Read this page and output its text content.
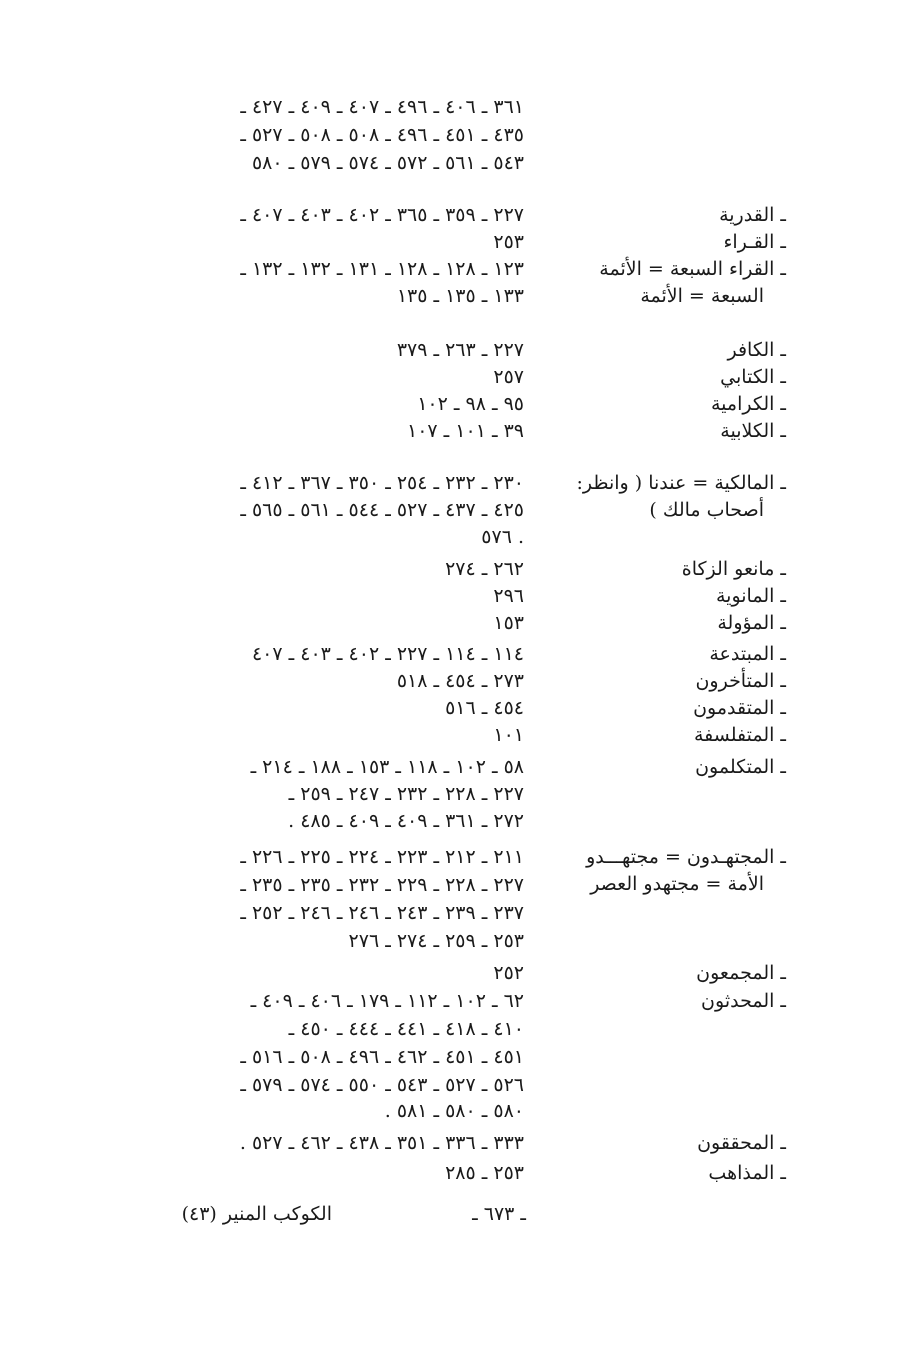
٣٦١ ـ ٤٠٦ ـ ٤٩٦ ـ ٤٠٧ ـ ٤٠٩ ـ ٤٢٧ ـ
٤٣٥ ـ ٤٥١ ـ ٤٩٦ ـ ٥٠٨ ـ ٥٠٨ ـ ٥٢٧ ـ
٥٤٣ ـ ٥٦١ ـ ٥٧٢ ـ ٥٧٤ ـ ٥٧٩ ـ ٥٨٠
ـ القدرية
٢٢٧ ـ ٣٥٩ ـ ٣٦٥ ـ ٤٠٢ ـ ٤٠٣ ـ ٤٠٧ ـ
ـ القـراء
٢٥٣
ـ القراء السبعة = الأئمة
السبعة = الأئمة
١٢٣ ـ ١٢٨ ـ ١٢٨ ـ ١٣١ ـ ١٣٢ ـ ١٣٢ ـ
١٣٣ ـ ١٣٥ ـ ١٣٥
ـ الكافر
٢٢٧ ـ ٢٦٣ ـ ٣٧٩
ـ الكتابي
٢٥٧
ـ الكرامية
٩٥ ـ ٩٨ ـ ١٠٢
ـ الكلابية
٣٩ ـ ١٠١ ـ ١٠٧
ـ المالكية = عندنا ( وانظر:
أصحاب مالك )
٢٣٠ ـ ٢٣٢ ـ ٢٥٤ ـ ٣٥٠ ـ ٣٦٧ ـ ٤١٢ ـ
٤٢٥ ـ ٤٣٧ ـ ٥٢٧ ـ ٥٤٤ ـ ٥٦١ ـ ٥٦٥ ـ
٥٧٦ .
ـ مانعو الزكاة
٢٦٢ ـ ٢٧٤
ـ المانوية
٢٩٦
ـ المؤولة
١٥٣
ـ المبتدعة
١١٤ ـ ١١٤ ـ ٢٢٧ ـ ٤٠٢ ـ ٤٠٣ ـ ٤٠٧
ـ المتأخرون
٢٧٣ ـ ٤٥٤ ـ ٥١٨
ـ المتقدمون
٤٥٤ ـ ٥١٦
ـ المتفلسفة
١٠١
ـ المتكلمون
٥٨ ـ ١٠٢ ـ ١١٨ ـ ١٥٣ ـ ١٨٨ ـ ٢١٤ ـ
٢٢٧ ـ ٢٢٨ ـ ٢٣٢ ـ ٢٤٧ ـ ٢٥٩ ـ
٢٧٢ ـ ٣٦١ ـ ٤٠٩ ـ ٤٠٩ ـ ٤٨٥ .
ـ المجتهـدون = مجتهـــدو
الأمة = مجتهدو العصر
٢١١ ـ ٢١٢ ـ ٢٢٣ ـ ٢٢٤ ـ ٢٢٥ ـ ٢٢٦ ـ
٢٢٧ ـ ٢٢٨ ـ ٢٢٩ ـ ٢٣٢ ـ ٢٣٥ ـ ٢٣٥ ـ
٢٣٧ ـ ٢٣٩ ـ ٢٤٣ ـ ٢٤٦ ـ ٢٤٦ ـ ٢٥٢ ـ
٢٥٣ ـ ٢٥٩ ـ ٢٧٤ ـ ٢٧٦
ـ المجمعون
٢٥٢
ـ المحدثون
٦٢ ـ ١٠٢ ـ ١١٢ ـ ١٧٩ ـ ٤٠٦ ـ ٤٠٩ ـ
٤١٠ ـ ٤١٨ ـ ٤٤١ ـ ٤٤٤ ـ ٤٥٠ ـ
٤٥١ ـ ٤٥١ ـ ٤٦٢ ـ ٤٩٦ ـ ٥٠٨ ـ ٥١٦ ـ
٥٢٦ ـ ٥٢٧ ـ ٥٤٣ ـ ٥٥٠ ـ ٥٧٤ ـ ٥٧٩ ـ
٥٨٠ ـ ٥٨٠ ـ ٥٨١ .
ـ المحققون
٣٣٣ ـ ٣٣٦ ـ ٣٥١ ـ ٤٣٨ ـ ٤٦٢ ـ ٥٢٧ .
ـ المذاهب
٢٥٣ ـ ٢٨٥
ـ ٦٧٣ ـ
الكوكب المنير (٤٣)
